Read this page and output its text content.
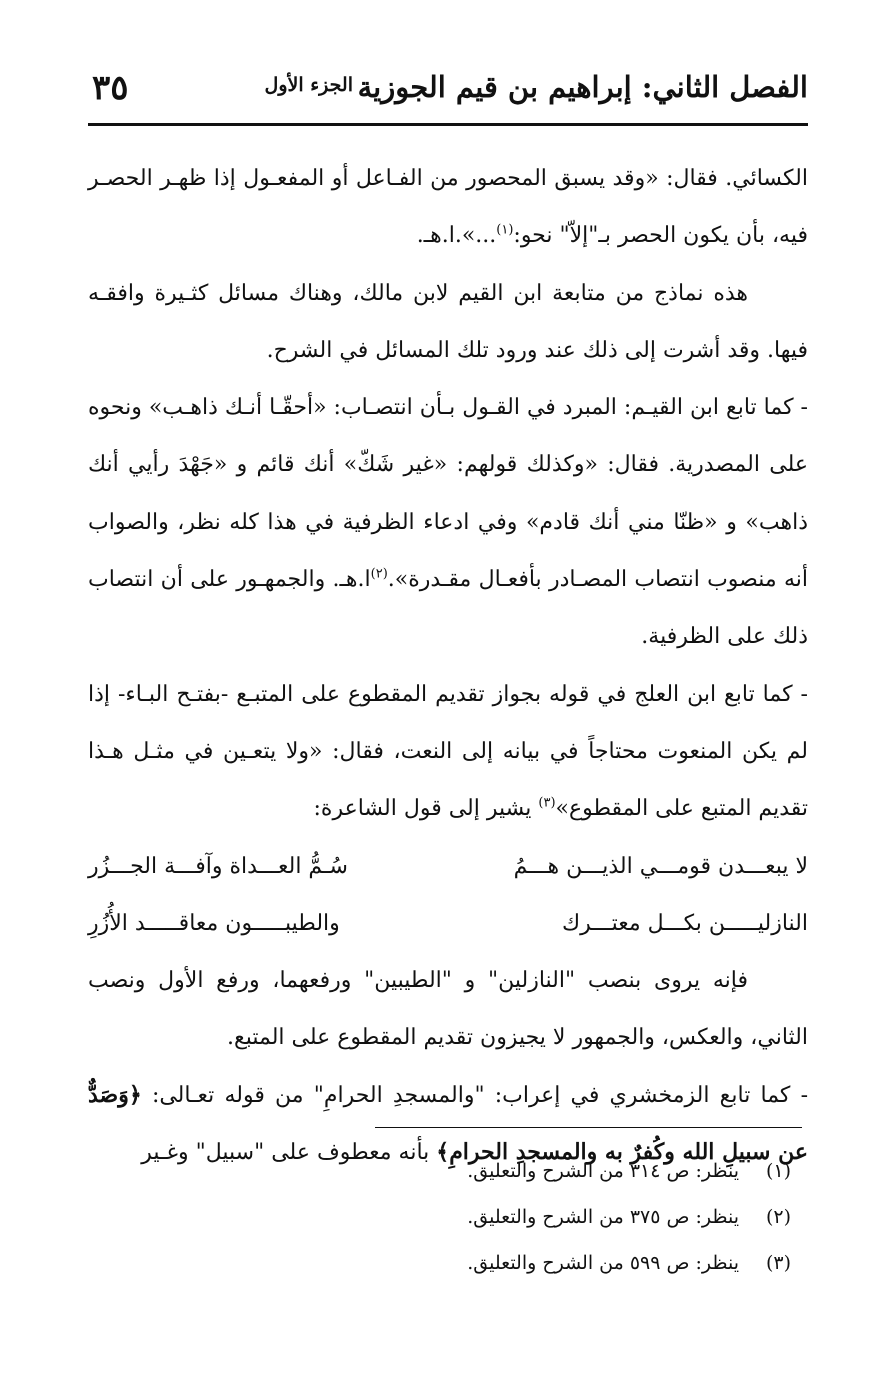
الفصل الثاني: إبراهيم بن قيم الجوزية
الجزء الأول
٣٥

الكسائي. فقال: «وقد يسبق المحصور من الفـاعل أو المفعـول إذا ظهـر الحصـر فيه، بأن يكون الحصر بـ"إلاّ" نحو:$^{(١)}$...».ا.هـ.

هذه نماذج من متابعة ابن القيم لابن مالك، وهناك مسائل كثـيرة وافقـه فيها. وقد أشرت إلى ذلك عند ورود تلك المسائل في الشرح.

- كما تابع ابن القيـم: المبرد في القـول بـأن انتصـاب: «أحقّـا أنـك ذاهـب» ونحوه على المصدرية. فقال: «وكذلك قولهم: «غير شَكّ» أنك قائم و «جَهْدَ رأيي أنك ذاهب» و «ظنّا مني أنك قادم» وفي ادعاء الظرفية في هذا كله نظر، والصواب أنه منصوب انتصاب المصـادر بأفعـال مقـدرة».$^{(٢)}$ا.هـ. والجمهـور على أن انتصاب ذلك على الظرفية.

- كما تابع ابن العلج في قوله بجواز تقديم المقطوع على المتبـع -بفتـح البـاء- إذا لم يكن المنعوت محتاجاً في بيانه إلى النعت، فقال: «ولا يتعـين في مثـل هـذا تقديم المتبع على المقطوع»$^{(٣)}$ يشير إلى قول الشاعرة:

لا يبعـــدن قومـــي الذيـــن هـــمُ
سُـمُّ العـــداة وآفـــة الجـــزُر
النازليـــــن بكـــل معتـــرك
والطيبـــــون معاقـــــد الأُزُرِ

فإنه يروى بنصب "النازلين" و "الطيبين" ورفعهما، ورفع الأول ونصب الثاني، والعكس، والجمهور لا يجيزون تقديم المقطوع على المتبع.

- كما تابع الزمخشري في إعراب: "والمسجدِ الحرامِ" من قوله تعـالى: ﴿وَصَدٌّ عن سبيلِ الله وكُفرٌ به والمسجدِ الحرامِ﴾ بأنه معطوف على "سبيل" وغـير

(١)
ينظر: ص ٣١٤ من الشرح والتعليق.
(٢)
ينظر: ص ٣٧٥ من الشرح والتعليق.
(٣)
ينظر: ص ٥٩٩ من الشرح والتعليق.
